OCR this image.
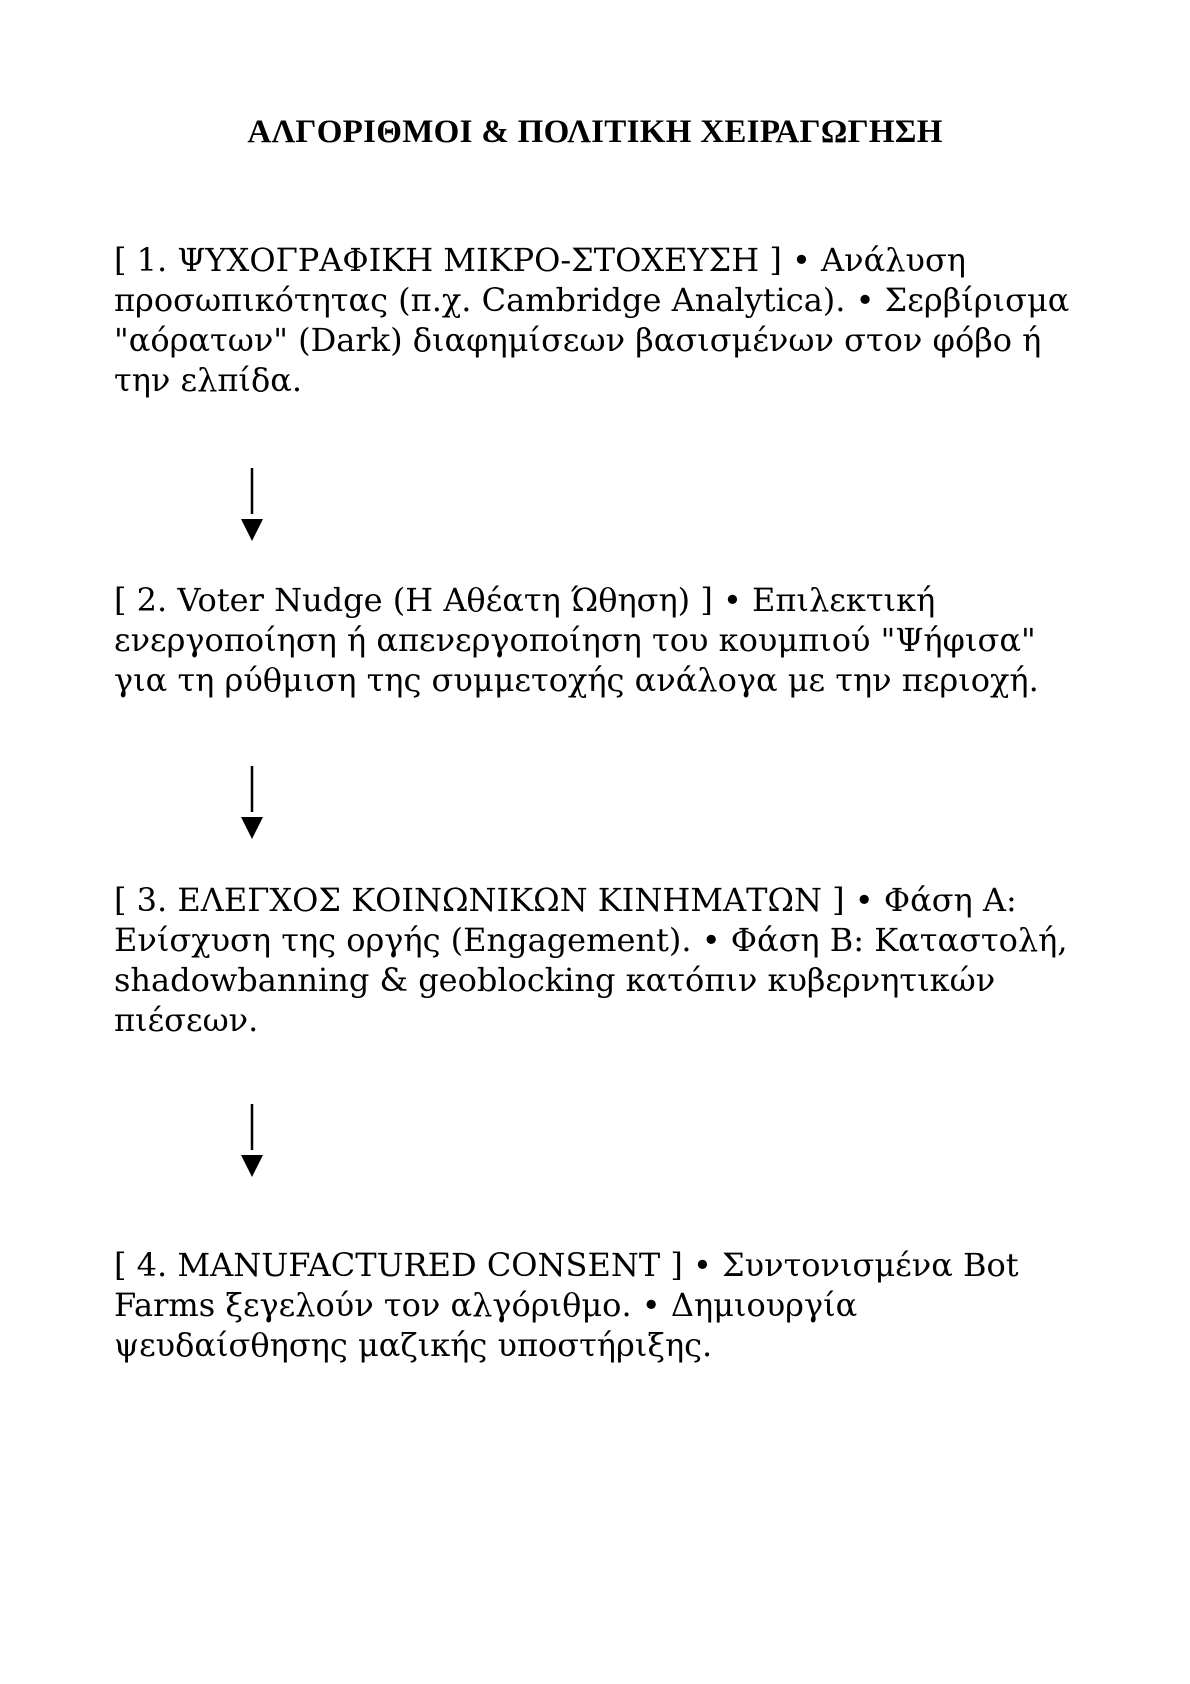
ΑΛΓΟΡΙΘΜΟΙ & ΠΟΛΙΤΙΚΗ ΧΕΙΡΑΓΩΓΗΣΗ

[ 1. ΨΥΧΟΓΡΑΦΙΚΗ ΜΙΚΡΟ-ΣΤΟΧΕΥΣΗ ] • Ανάλυση προσωπικότητας (π.χ. Cambridge Analytica). • Σερβίρισμα "αόρατων" (Dark) διαφημίσεων βασισμένων στον φόβο ή την ελπίδα.

[ 2. Voter Nudge (Η Αθέατη Ώθηση) ] • Επιλεκτική ενεργοποίηση ή απενεργοποίηση του κουμπιού "Ψήφισα" για τη ρύθμιση της συμμετοχής ανάλογα με την περιοχή.

[ 3. ΕΛΕΓΧΟΣ ΚΟΙΝΩΝΙΚΩΝ ΚΙΝΗΜΑΤΩΝ ] • Φάση Α: Ενίσχυση της οργής (Engagement). • Φάση Β: Καταστολή, shadowbanning & geoblocking κατόπιν κυβερνητικών πιέσεων.

[ 4. MANUFACTURED CONSENT ] • Συντονισμένα Bot Farms ξεγελούν τον αλγόριθμο. • Δημιουργία ψευδαίσθησης μαζικής υποστήριξης.
